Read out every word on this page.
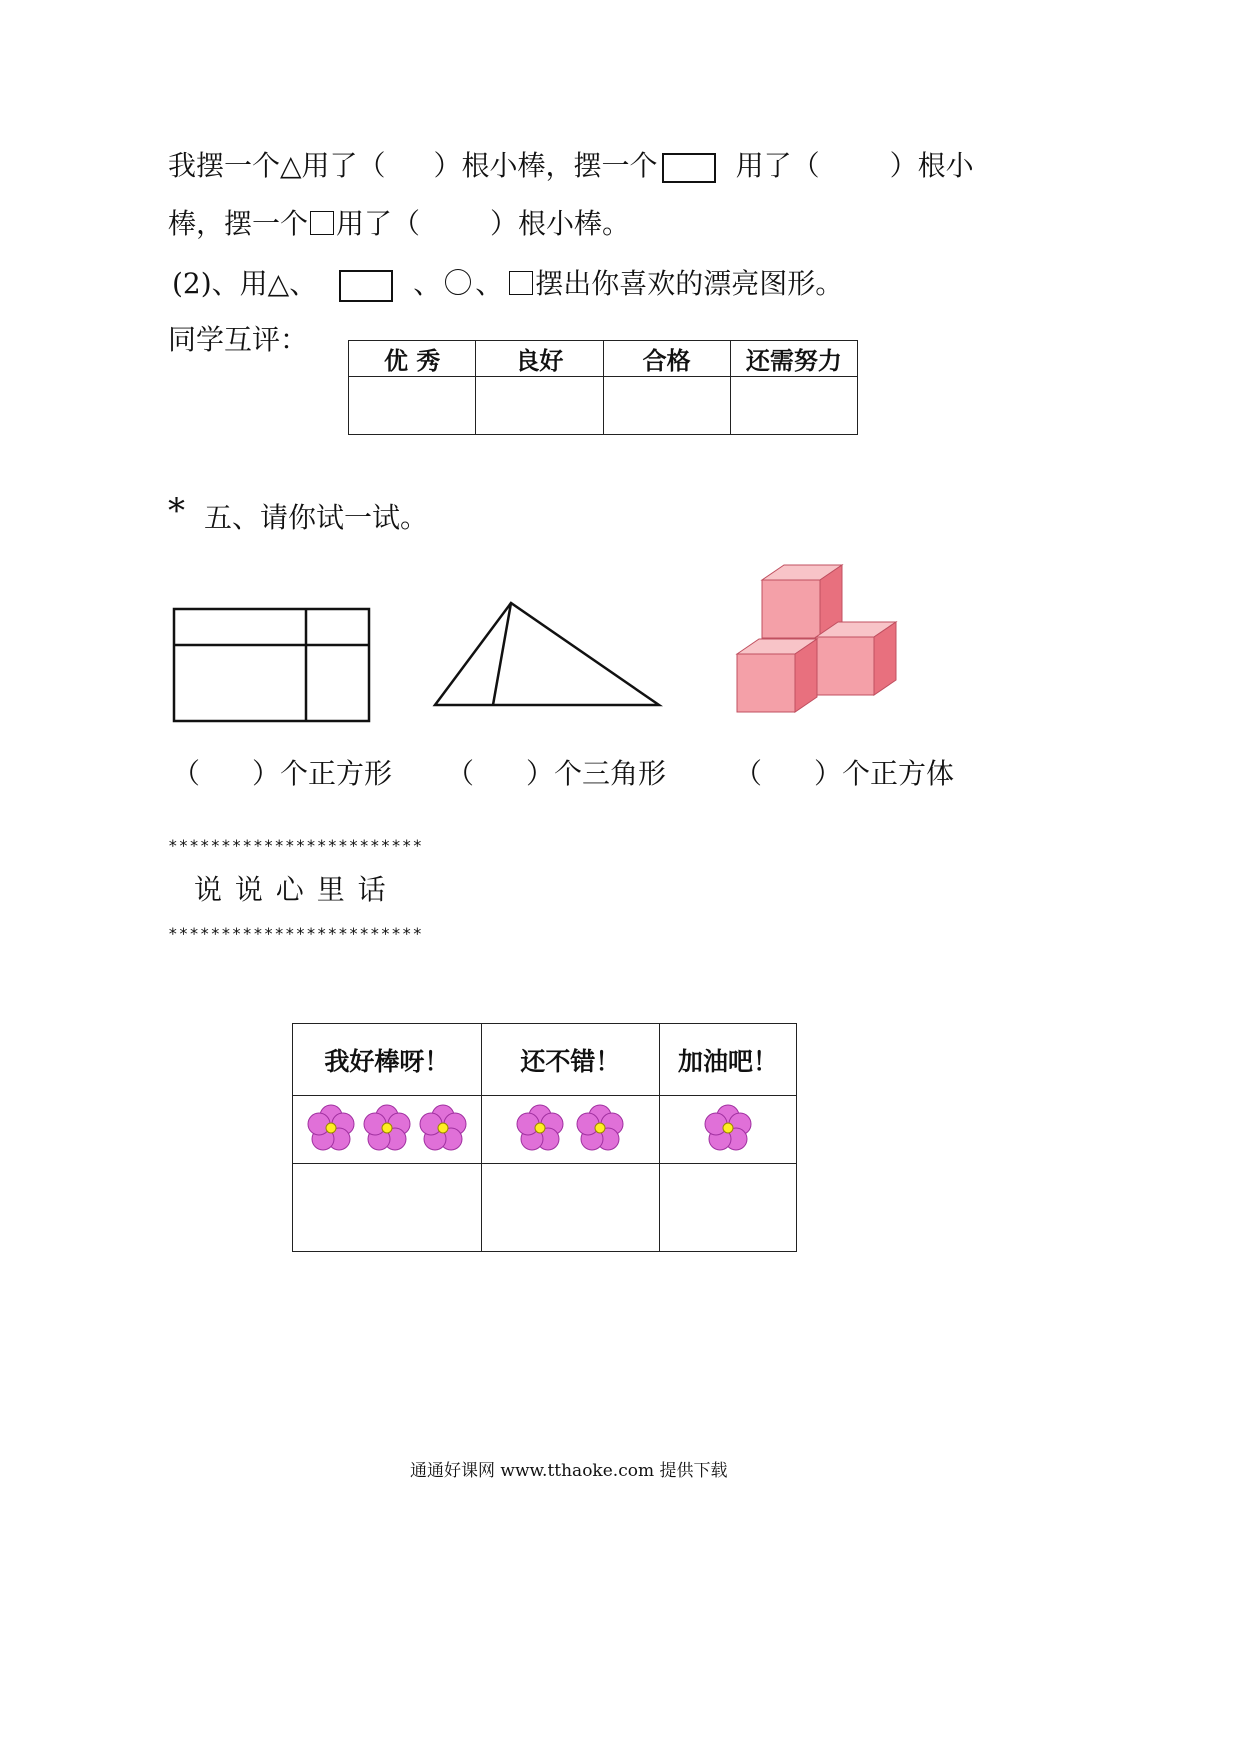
我摆一个△用了（ ）根小棒，摆一个	用了（	）根小
棒，摆一个 用了（	）根小棒。
(2)、用△、	、 、 摆出你喜欢的漂亮图形。
同学互评：
优 秀	良好	合格	还需努力

* 五、请你试一试。
（ ）个正方形 （ ）个三角形 （ ）个正方体
************************
说 说 心 里 话
************************
我好棒呀！	还不错！	加油吧！

通通好课网 www.tthaoke.com 提供下载
